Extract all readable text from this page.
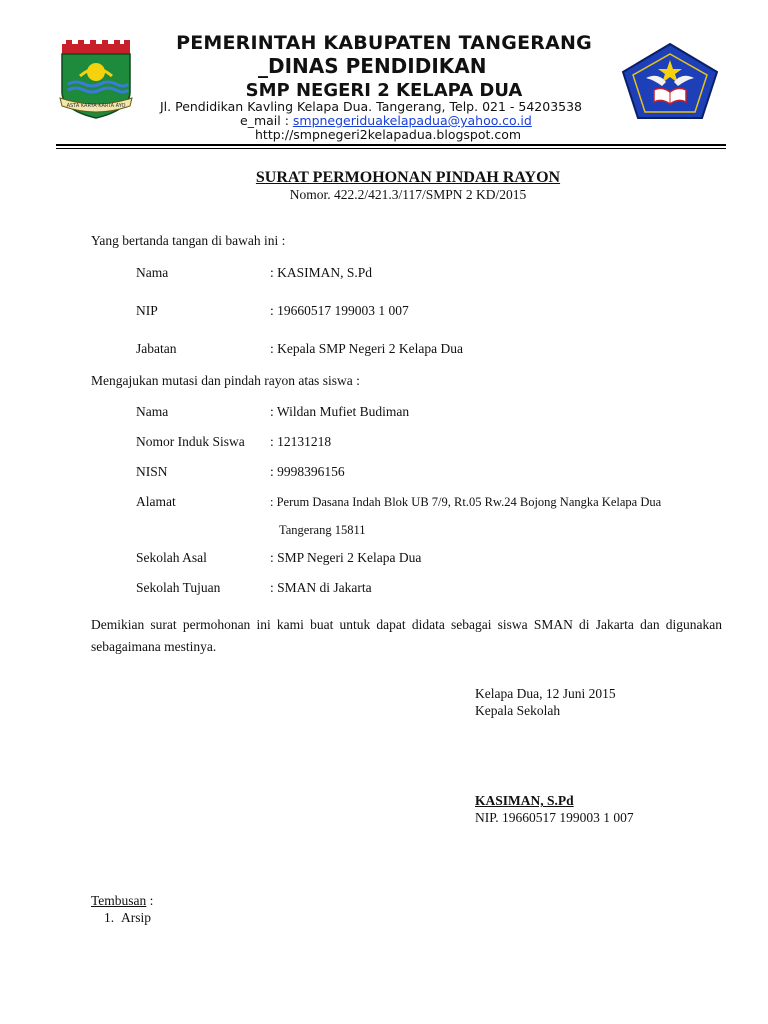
ASTA KARYA KARTA AYO
PEMERINTAH KABUPATEN TANGERANG
_DINAS PENDIDIKAN
SMP NEGERI 2 KELAPA DUA
Jl. Pendidikan Kavling Kelapa Dua. Tangerang, Telp. 021 - 54203538
e_mail : smpnegeriduakelapadua@yahoo.co.id
http://smpnegeri2kelapadua.blogspot.com
SURAT PERMOHONAN PINDAH RAYON
Nomor. 422.2/421.3/117/SMPN 2 KD/2015
Yang bertanda tangan di bawah ini :
Nama	: KASIMAN, S.Pd
NIP	: 19660517 199003 1 007
Jabatan	: Kepala SMP Negeri 2 Kelapa Dua
Mengajukan mutasi dan pindah rayon atas siswa :
Nama	: Wildan Mufiet Budiman
Nomor Induk Siswa : 12131218
NISN	: 9998396156
Alamat	: Perum Dasana Indah Blok UB 7/9, Rt.05 Rw.24 Bojong Nangka Kelapa Dua
Tangerang 15811
Sekolah Asal	: SMP Negeri 2 Kelapa Dua
Sekolah Tujuan	: SMAN di Jakarta
Demikian surat permohonan ini kami buat untuk dapat didata sebagai siswa SMAN di Jakarta dan digunakan sebagaimana mestinya.
Kelapa Dua, 12 Juni 2015
Kepala Sekolah
KASIMAN, S.Pd
NIP. 19660517 199003 1 007
Tembusan :
1. Arsip
